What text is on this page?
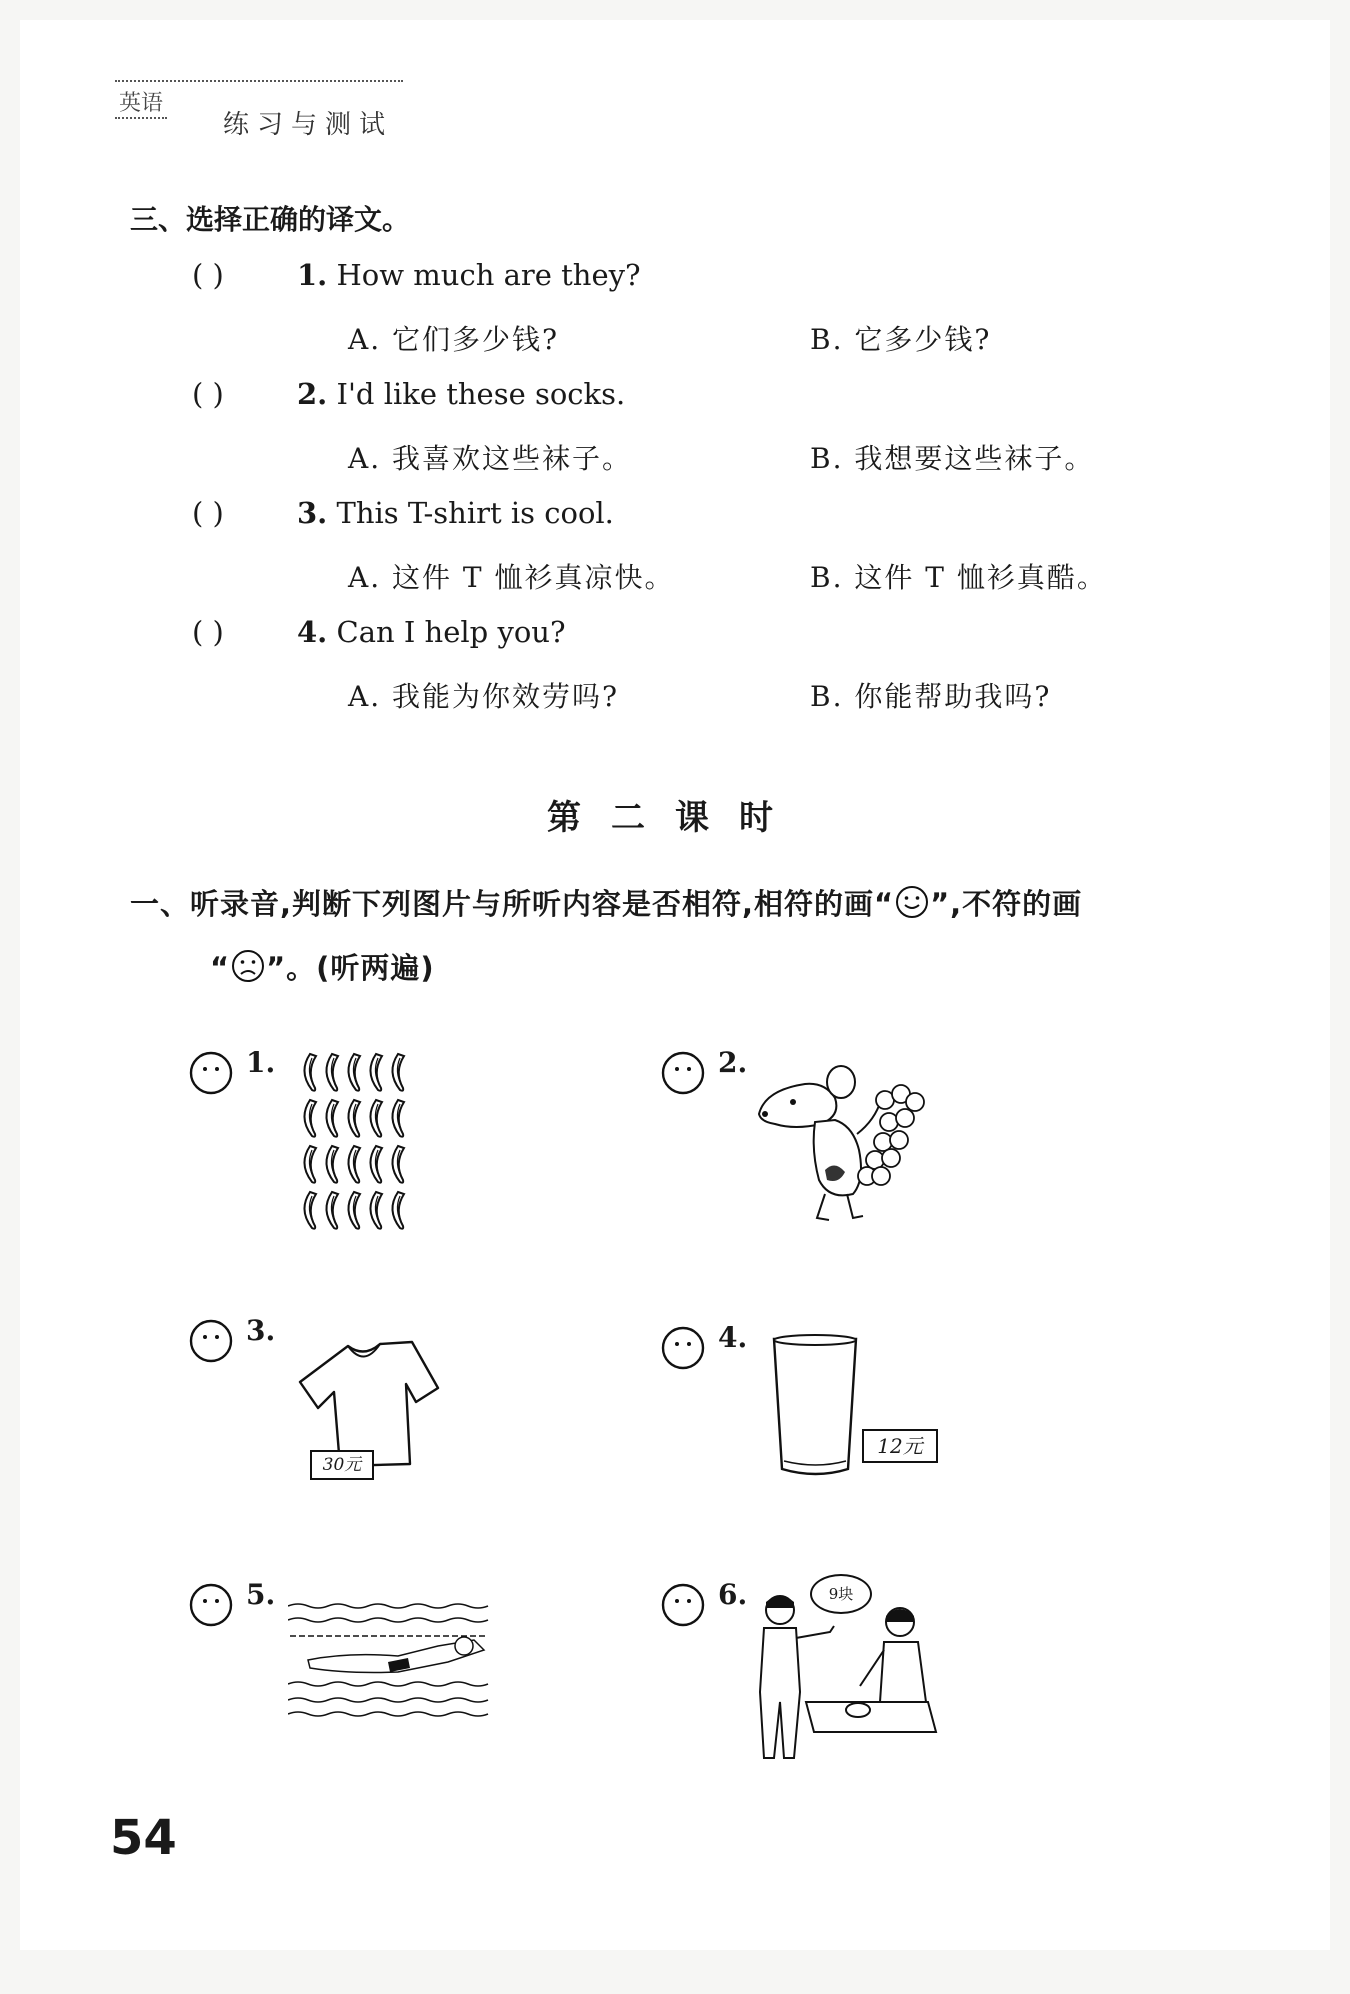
英语
练习与测试
三、选择正确的译文。
( )	1. How much are they?
A. 它们多少钱?	B. 它多少钱?
( )	2. I'd like these socks.
A. 我喜欢这些袜子。	B. 我想要这些袜子。
( )	3. This T-shirt is cool.
A. 这件 T 恤衫真凉快。	B. 这件 T 恤衫真酷。
( )	4. Can I help you?
A. 我能为你效劳吗?	B. 你能帮助我吗?
第二课时
一、听录音,判断下列图片与所听内容是否相符,相符的画“ ”,不符的画
“ ”。(听两遍)
1.	2.
3.
30元
4.
12元
5.	6.	9块
54
